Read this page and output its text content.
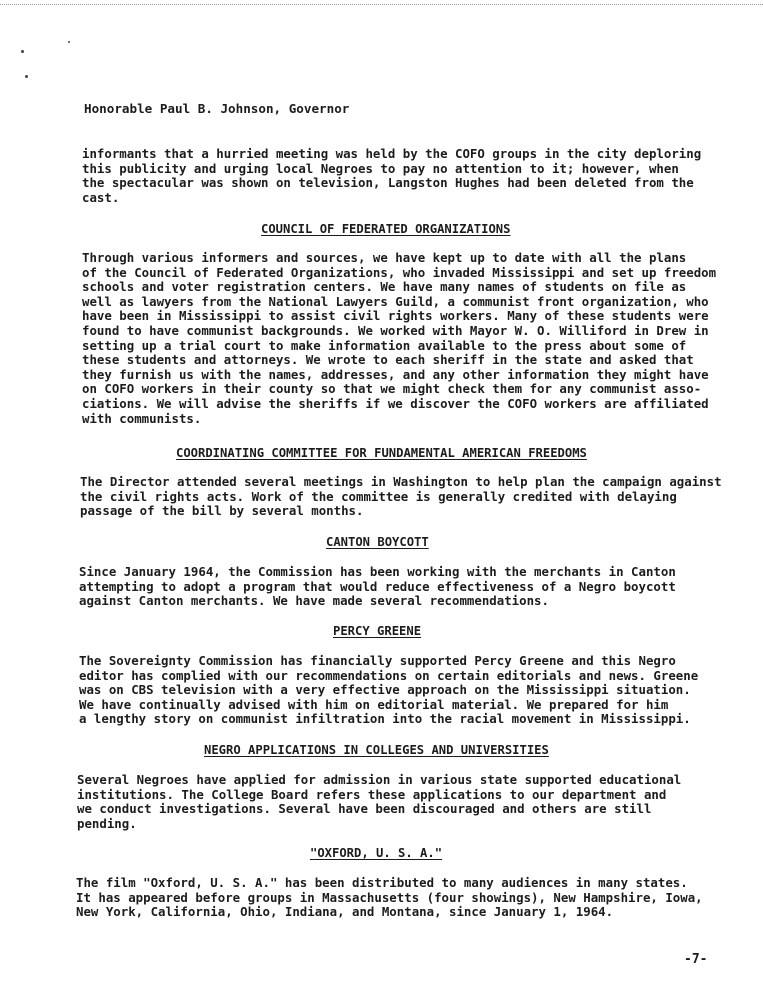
Honorable Paul B. Johnson, Governor

informants that a hurried meeting was held by the COFO groups in the city deploring
this publicity and urging local Negroes to pay no attention to it; however, when
the spectacular was shown on television, Langston Hughes had been deleted from the
cast.

COUNCIL OF FEDERATED ORGANIZATIONS

Through various informers and sources, we have kept up to date with all the plans
of the Council of Federated Organizations, who invaded Mississippi and set up freedom
schools and voter registration centers. We have many names of students on file as
well as lawyers from the National Lawyers Guild, a communist front organization, who
have been in Mississippi to assist civil rights workers. Many of these students were
found to have communist backgrounds. We worked with Mayor W. O. Williford in Drew in
setting up a trial court to make information available to the press about some of
these students and attorneys. We wrote to each sheriff in the state and asked that
they furnish us with the names, addresses, and any other information they might have
on COFO workers in their county so that we might check them for any communist asso-
ciations. We will advise the sheriffs if we discover the COFO workers are affiliated
with communists.

COORDINATING COMMITTEE FOR FUNDAMENTAL AMERICAN FREEDOMS

The Director attended several meetings in Washington to help plan the campaign against
the civil rights acts. Work of the committee is generally credited with delaying
passage of the bill by several months.

CANTON BOYCOTT

Since January 1964, the Commission has been working with the merchants in Canton
attempting to adopt a program that would reduce effectiveness of a Negro boycott
against Canton merchants. We have made several recommendations.

PERCY GREENE

The Sovereignty Commission has financially supported Percy Greene and this Negro
editor has complied with our recommendations on certain editorials and news. Greene
was on CBS television with a very effective approach on the Mississippi situation.
We have continually advised with him on editorial material. We prepared for him
a lengthy story on communist infiltration into the racial movement in Mississippi.

NEGRO APPLICATIONS IN COLLEGES AND UNIVERSITIES

Several Negroes have applied for admission in various state supported educational
institutions. The College Board refers these applications to our department and
we conduct investigations. Several have been discouraged and others are still
pending.

"OXFORD, U. S. A."

The film "Oxford, U. S. A." has been distributed to many audiences in many states.
It has appeared before groups in Massachusetts (four showings), New Hampshire, Iowa,
New York, California, Ohio, Indiana, and Montana, since January 1, 1964.

-7-
